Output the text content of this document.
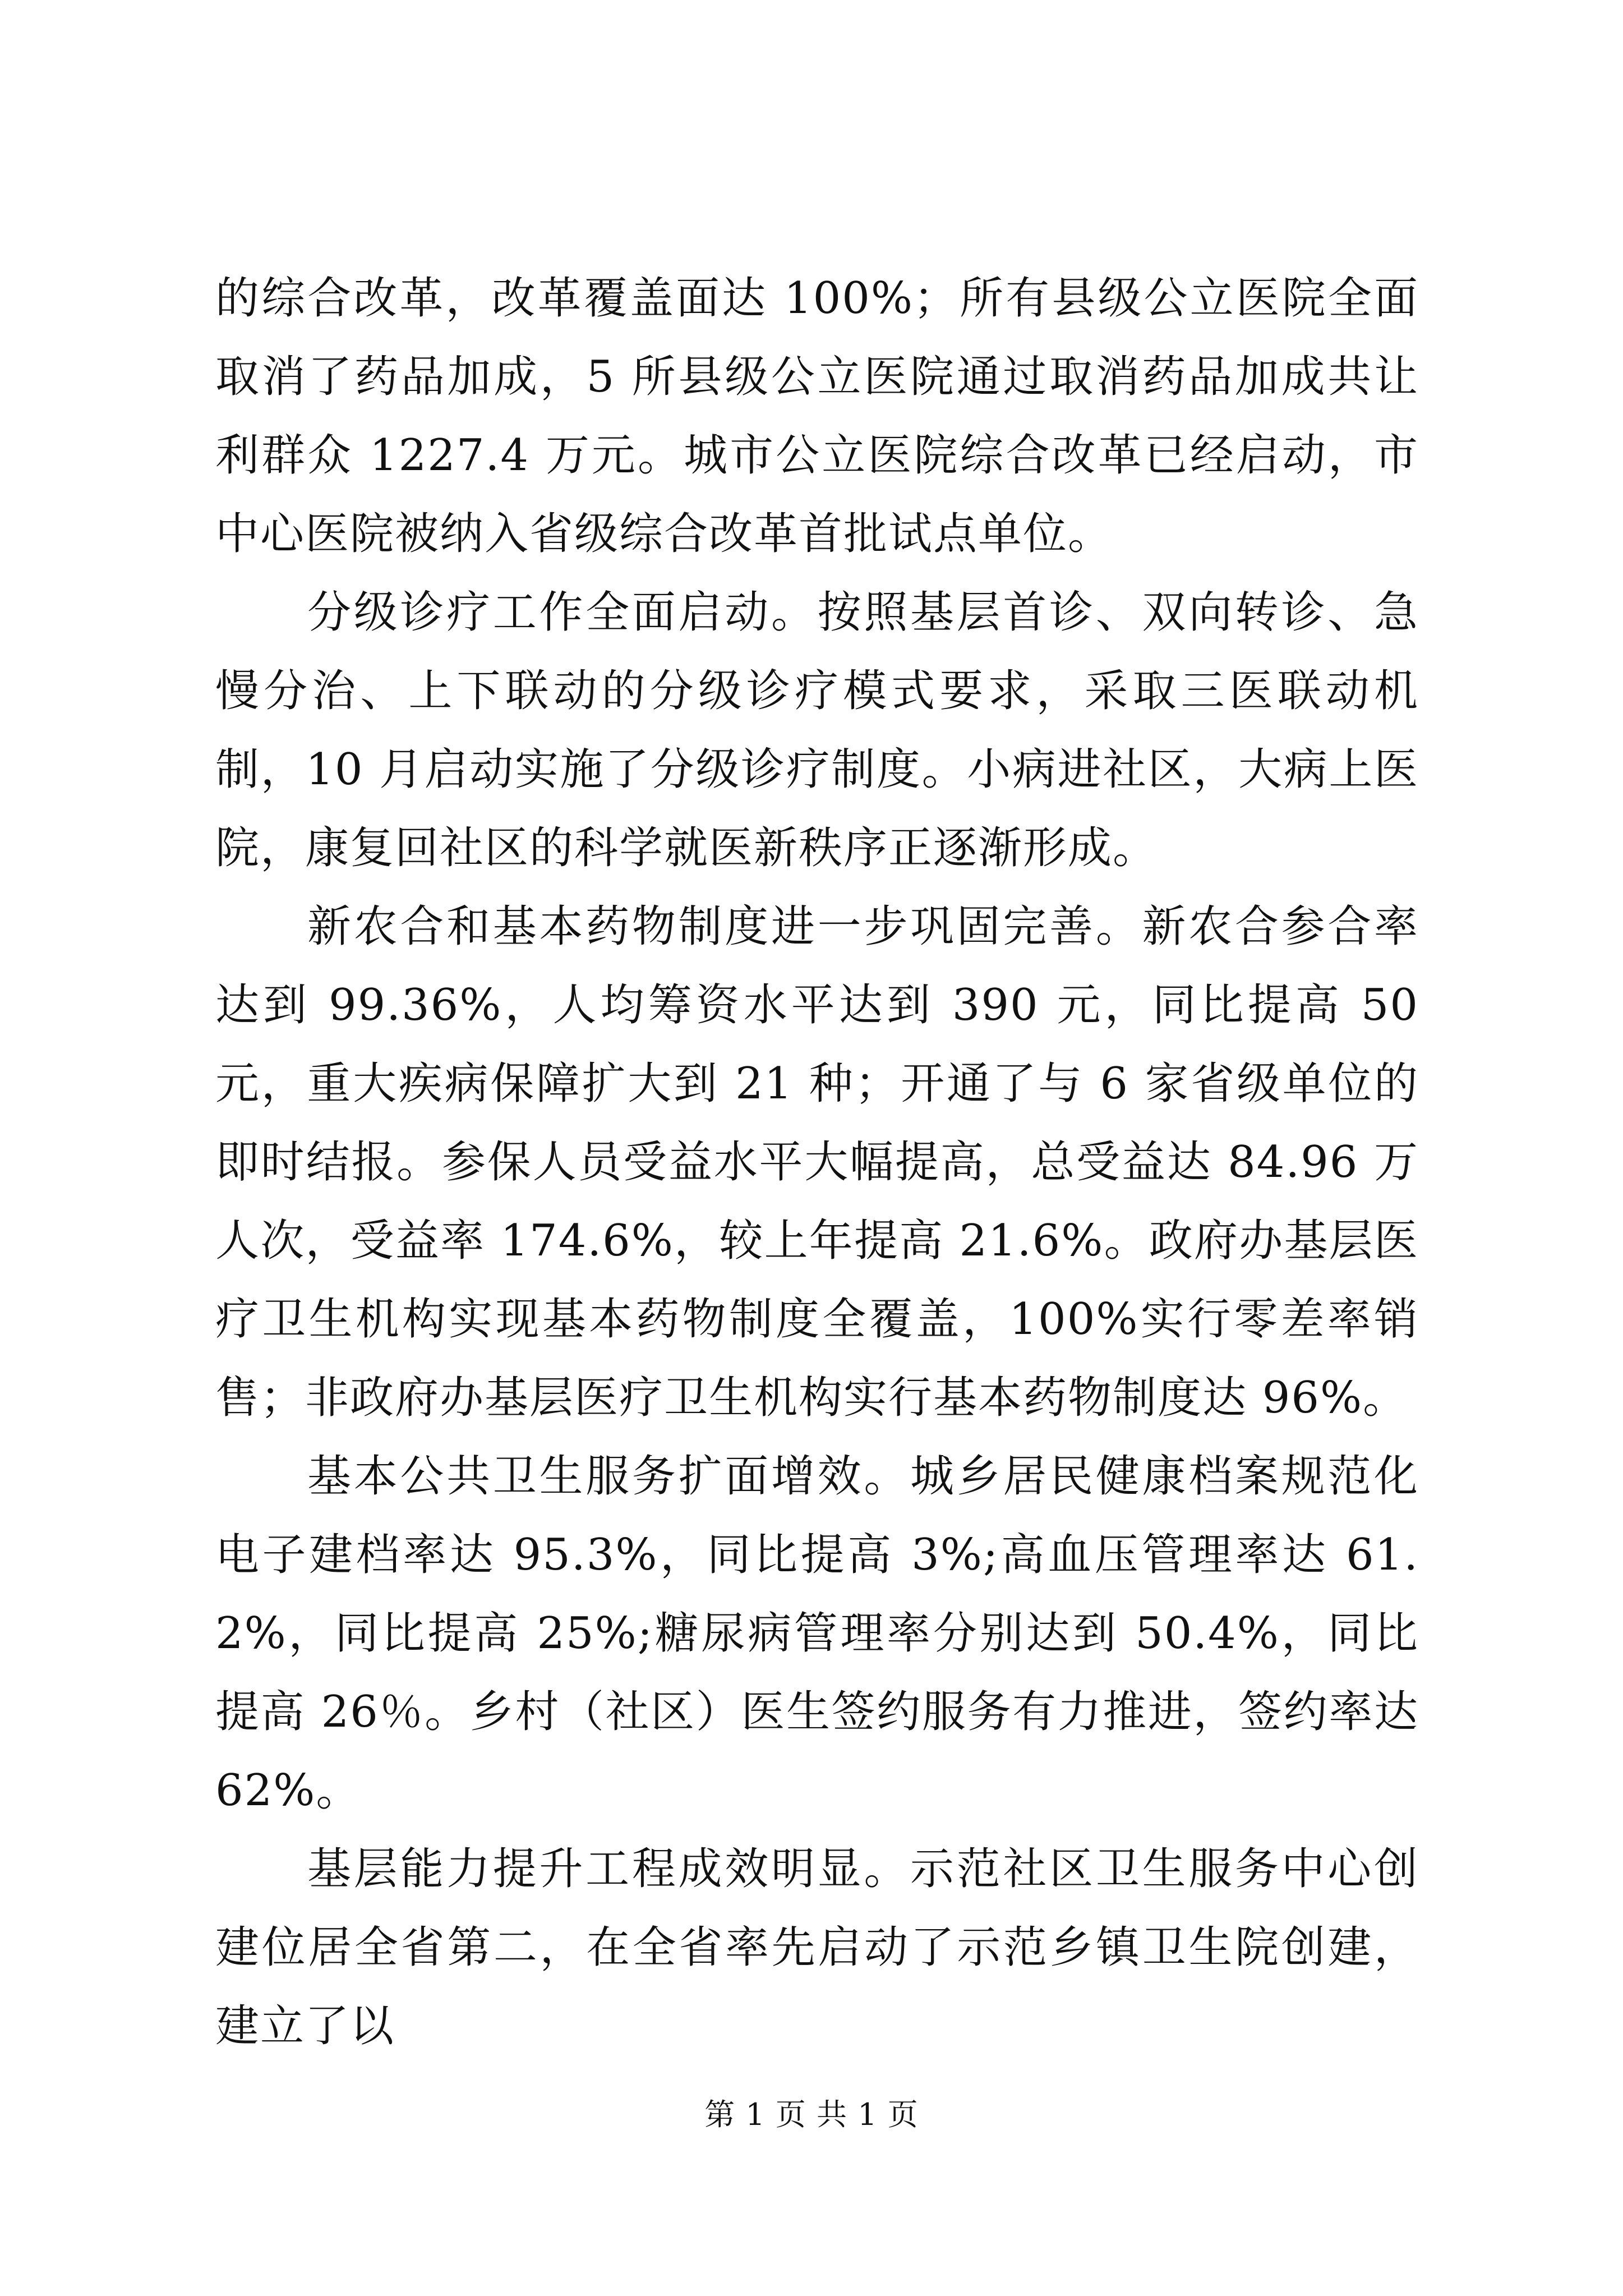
的综合改革，改革覆盖面达 100%；所有县级公立医院全面取消了药品加成，5 所县级公立医院通过取消药品加成共让利群众 1227.4 万元。城市公立医院综合改革已经启动，市中心医院被纳入省级综合改革首批试点单位。

分级诊疗工作全面启动。按照基层首诊、双向转诊、急慢分治、上下联动的分级诊疗模式要求，采取三医联动机制，10 月启动实施了分级诊疗制度。小病进社区，大病上医院，康复回社区的科学就医新秩序正逐渐形成。

新农合和基本药物制度进一步巩固完善。新农合参合率达到 99.36%，人均筹资水平达到 390 元，同比提高 50 元，重大疾病保障扩大到 21 种；开通了与 6 家省级单位的即时结报。参保人员受益水平大幅提高，总受益达 84.96 万人次，受益率 174.6%，较上年提高 21.6%。政府办基层医疗卫生机构实现基本药物制度全覆盖，100%实行零差率销售；非政府办基层医疗卫生机构实行基本药物制度达 96%。

基本公共卫生服务扩面增效。城乡居民健康档案规范化电子建档率达 95.3%，同比提高 3%;高血压管理率达 61.2%，同比提高 25%;糖尿病管理率分别达到 50.4%，同比提高 26％。乡村（社区）医生签约服务有力推进，签约率达 62%。

基层能力提升工程成效明显。示范社区卫生服务中心创建位居全省第二，在全省率先启动了示范乡镇卫生院创建，建立了以

第 1 页 共 1 页
